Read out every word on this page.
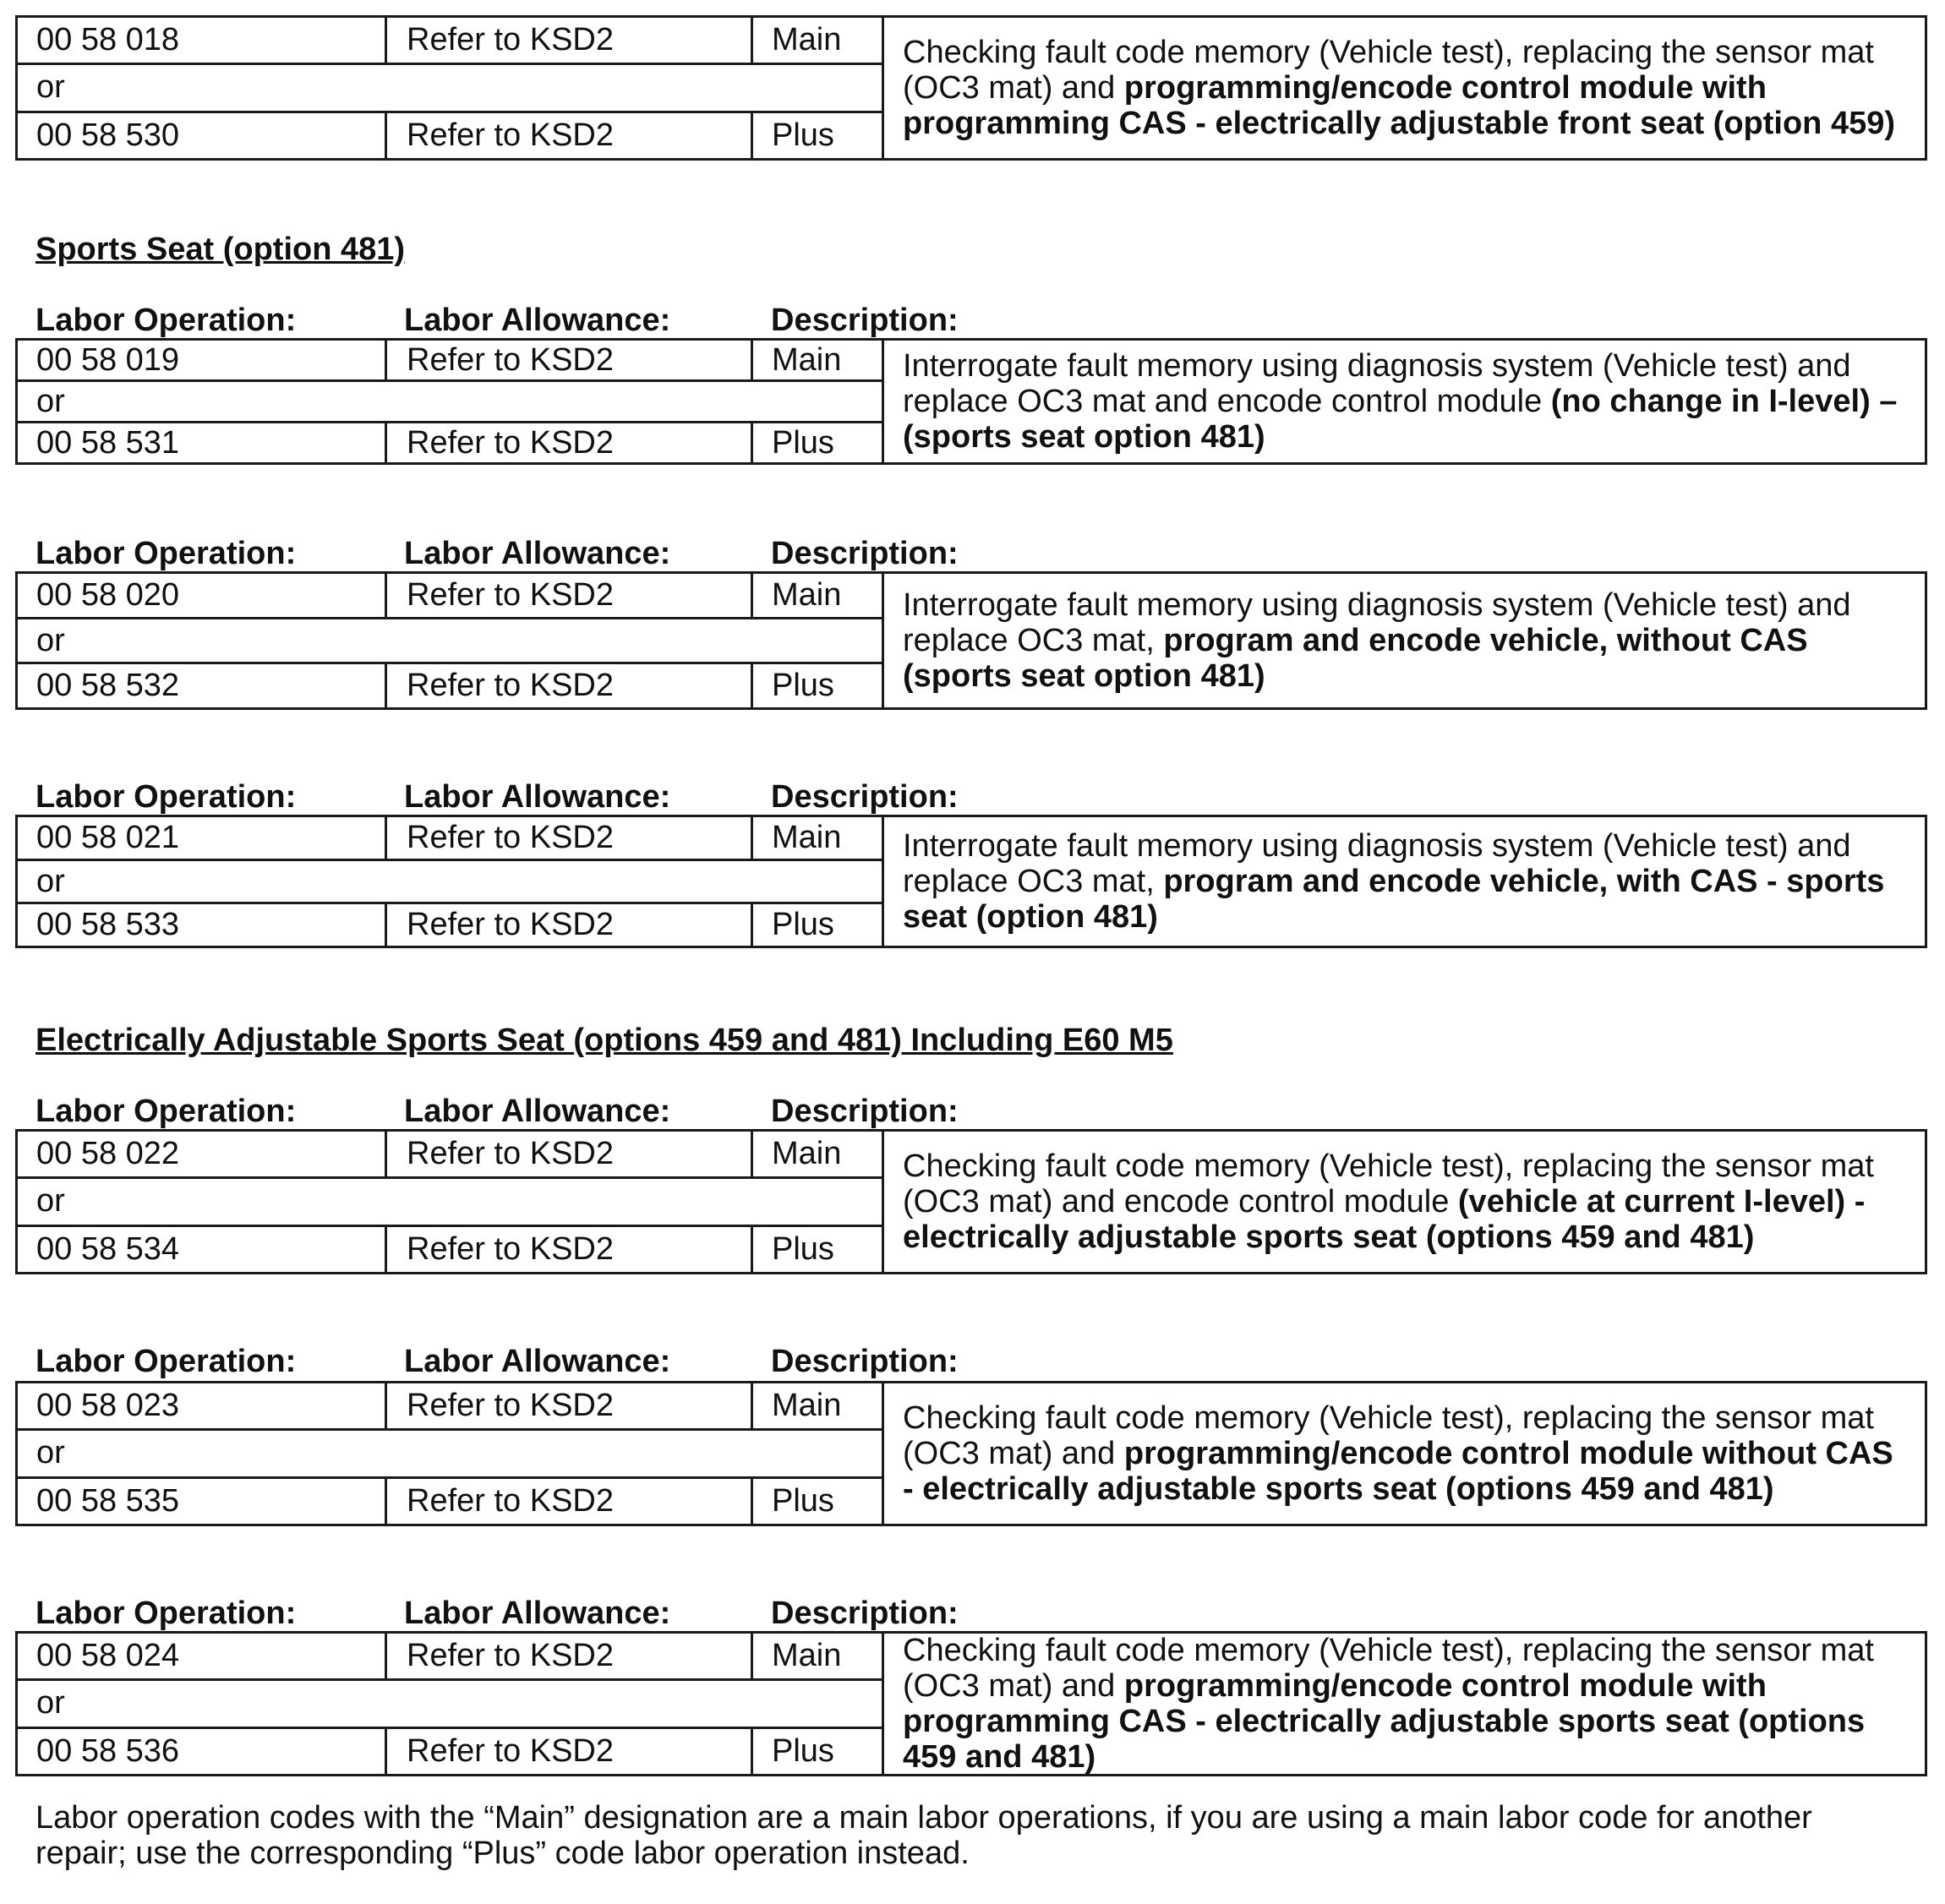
00 58 018	Refer to KSD2	Main
or
00 58 530	Refer to KSD2	Plus

Checking fault code memory (Vehicle test), replacing the sensor mat (OC3 mat) and programming/encode control module with programming CAS - electrically adjustable front seat (option 459)

Sports Seat (option 481)
Labor Operation:	Labor Allowance:	Description:
00 58 019	Refer to KSD2	Main
or
00 58 531	Refer to KSD2	Plus

Interrogate fault memory using diagnosis system (Vehicle test) and replace OC3 mat and encode control module (no change in I-level) – (sports seat option 481)

Labor Operation:	Labor Allowance:	Description:
00 58 020	Refer to KSD2	Main
or
00 58 532	Refer to KSD2	Plus

Interrogate fault memory using diagnosis system (Vehicle test) and replace OC3 mat, program and encode vehicle, without CAS (sports seat option 481)

Labor Operation:	Labor Allowance:	Description:
00 58 021	Refer to KSD2	Main
or
00 58 533	Refer to KSD2	Plus

Interrogate fault memory using diagnosis system (Vehicle test) and replace OC3 mat, program and encode vehicle, with CAS - sports seat (option 481)

Electrically Adjustable Sports Seat (options 459 and 481) Including E60 M5
Labor Operation:	Labor Allowance:	Description:
00 58 022	Refer to KSD2	Main
or
00 58 534	Refer to KSD2	Plus

Checking fault code memory (Vehicle test), replacing the sensor mat (OC3 mat) and encode control module (vehicle at current I-level) - electrically adjustable sports seat (options 459 and 481)

Labor Operation:	Labor Allowance:	Description:
00 58 023	Refer to KSD2	Main
or
00 58 535	Refer to KSD2	Plus

Checking fault code memory (Vehicle test), replacing the sensor mat (OC3 mat) and programming/encode control module without CAS - electrically adjustable sports seat (options 459 and 481)

Labor Operation:	Labor Allowance:	Description:
00 58 024	Refer to KSD2	Main
or
00 58 536	Refer to KSD2	Plus

Checking fault code memory (Vehicle test), replacing the sensor mat (OC3 mat) and programming/encode control module with programming CAS - electrically adjustable sports seat (options 459 and 481)

Labor operation codes with the “Main” designation are a main labor operations, if you are using a main labor code for another repair; use the corresponding “Plus” code labor operation instead.
